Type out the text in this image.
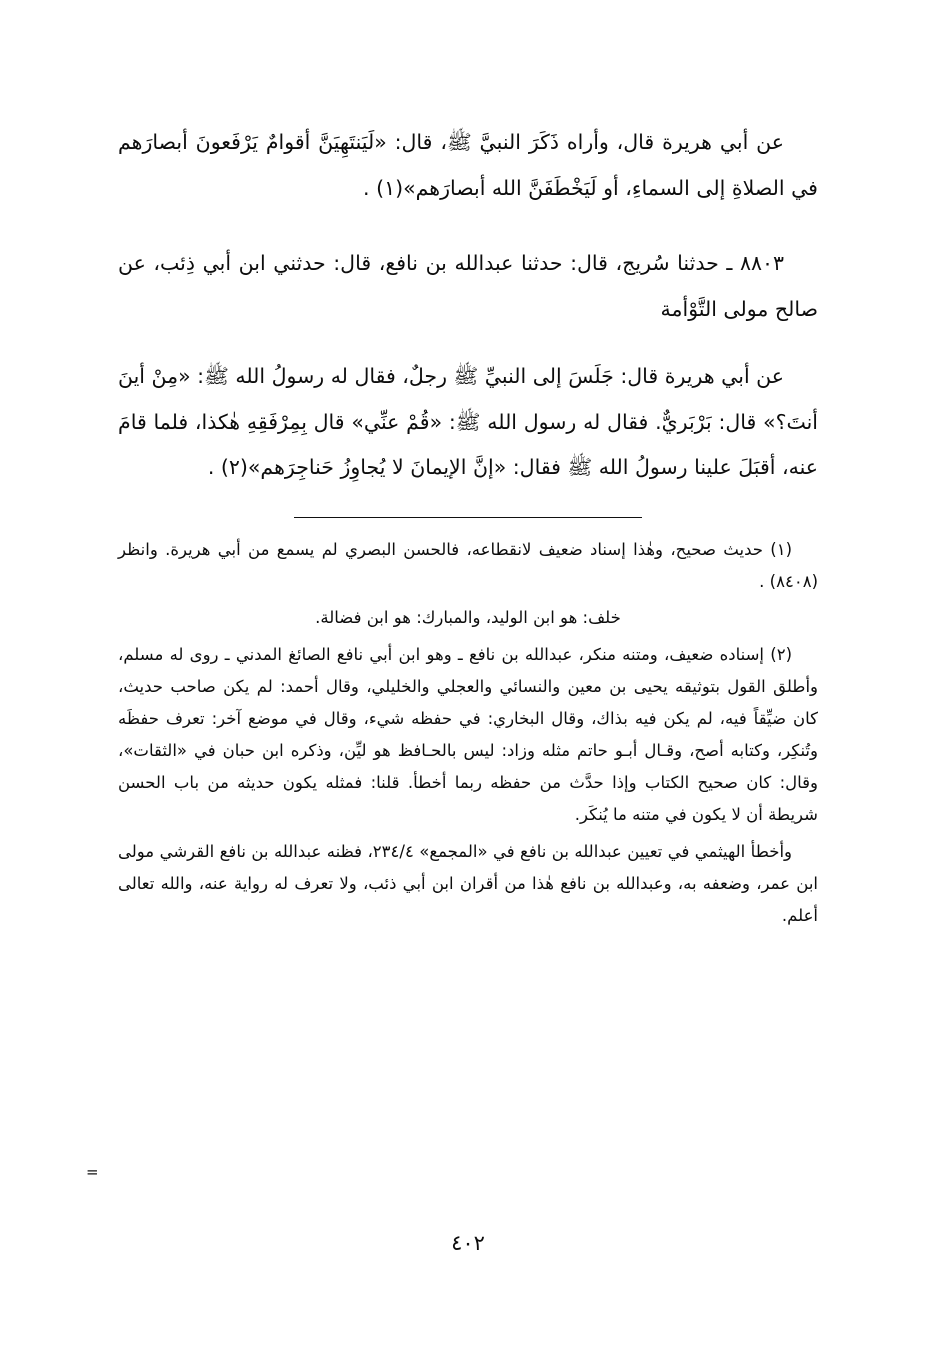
عن أبي هريرة قال، وأراه ذَكَرَ النبيَّ ﷺ، قال: «لَيَنتَهِيَنَّ أقوامٌ يَرْفَعونَ أبصارَهم في الصلاةِ إلى السماءِ، أو لَيَخْطَفَنَّ الله أبصارَهم»(١) .
٨٨٠٣ ـ حدثنا سُريج، قال: حدثنا عبدالله بن نافع، قال: حدثني ابن أبي ذِئب، عن صالح مولى التَّوْأمة
عن أبي هريرة قال: جَلَسَ إلى النبيِّ ﷺ رجلٌ، فقال له رسولُ الله ﷺ: «مِنْ أينَ أنتَ؟» قال: بَرْبَريٌّ. فقال له رسول الله ﷺ: «قُمْ عنِّي» قال بِمِرْفَقِهِ هٰكذا، فلما قامَ عنه، أقبَلَ علينا رسولُ الله ﷺ فقال: «إنَّ الإيمانَ لا يُجاوِزُ حَناجِرَهم»(٢) .
(١) حديث صحيح، وهٰذا إسناد ضعيف لانقطاعه، فالحسن البصري لم يسمع من أبي هريرة. وانظر (٨٤٠٨) .
خلف: هو ابن الوليد، والمبارك: هو ابن فضالة.
(٢) إسناده ضعيف، ومتنه منكر، عبدالله بن نافع ـ وهو ابن أبي نافع الصائغ المدني ـ روى له مسلم، وأطلق القول بتوثيقه يحيى بن معين والنسائي والعجلي والخليلي، وقال أحمد: لم يكن صاحب حديث، كان ضيِّقاً فيه، لم يكن فيه بذاك، وقال البخاري: في حفظه شيء، وقال في موضع آخر: تعرف حفظَه وتُنكِر، وكتابه أصح، وقـال أبـو حاتم مثله وزاد: ليس بالحـافظ هو ليِّن، وذكره ابن حبان في «الثقات»، وقال: كان صحيح الكتاب وإذا حدَّث من حفظه ربما أخطأ. قلنا: فمثله يكون حديثه من باب الحسن شريطة أن لا يكون في متنه ما يُنكَر.
وأخطأ الهيثمي في تعيين عبدالله بن نافع في «المجمع» ٢٣٤/٤، فظنه عبدالله بن نافع القرشي مولى ابن عمر، وضعفه به، وعبدالله بن نافع هٰذا من أقران ابن أبي ذئب، ولا تعرف له رواية عنه، والله تعالى أعلم.
=
٤٠٢
